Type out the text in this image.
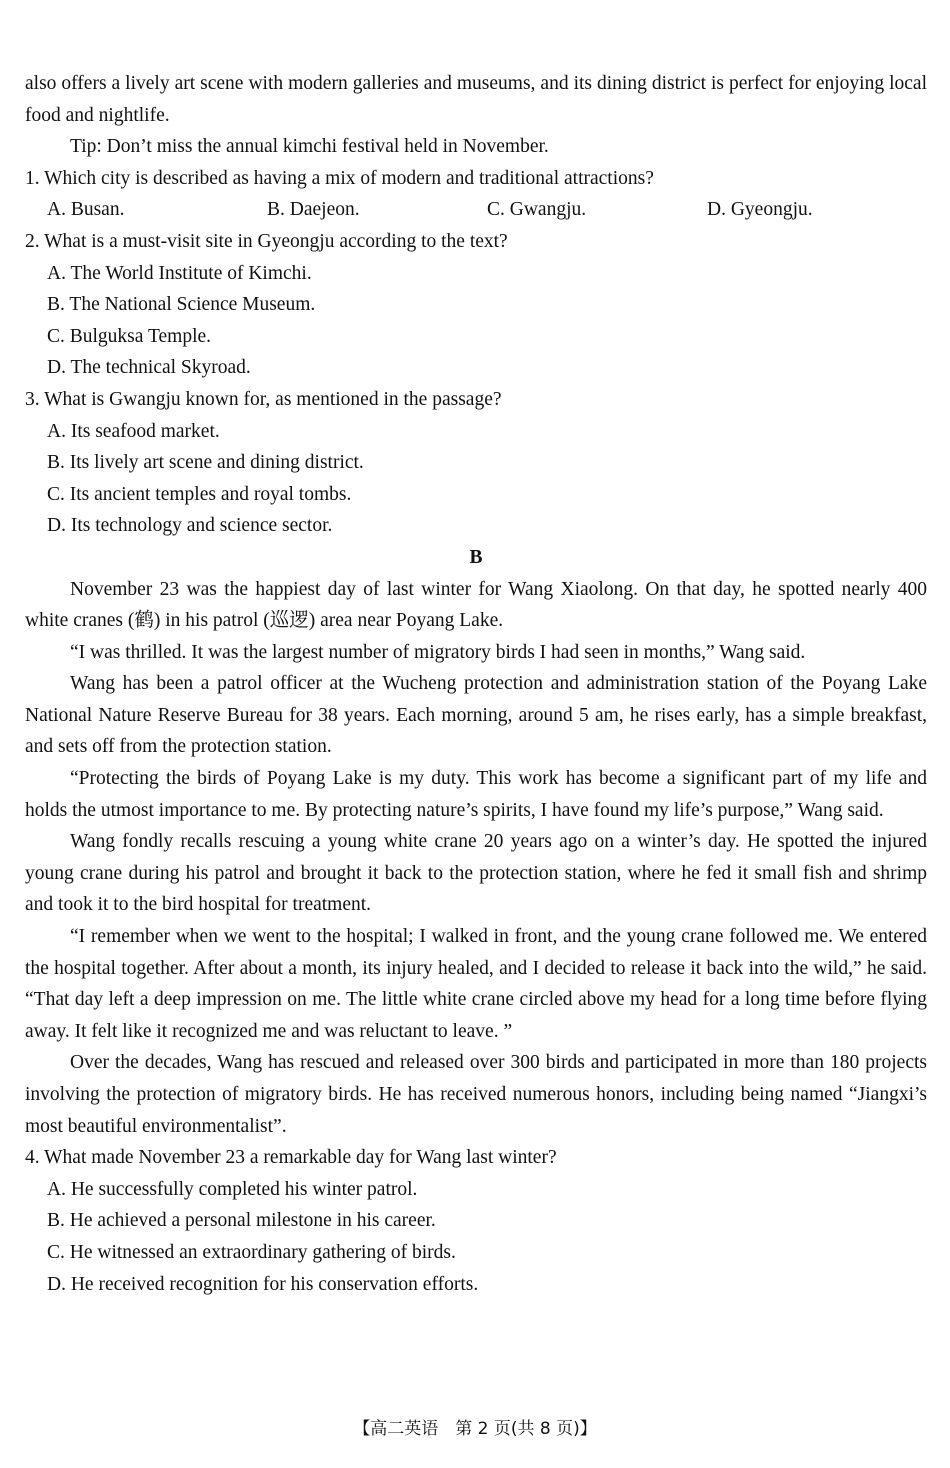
also offers a lively art scene with modern galleries and museums, and its dining district is perfect for enjoying local food and nightlife.

Tip: Don’t miss the annual kimchi festival held in November.

1. Which city is described as having a mix of modern and traditional attractions?

A. Busan.	B. Daejeon.	C. Gwangju.	D. Gyeongju.

2. What is a must-visit site in Gyeongju according to the text?

A. The World Institute of Kimchi.
B. The National Science Museum.
C. Bulguksa Temple.
D. The technical Skyroad.

3. What is Gwangju known for, as mentioned in the passage?

A. Its seafood market.
B. Its lively art scene and dining district.
C. Its ancient temples and royal tombs.
D. Its technology and science sector.
B

November 23 was the happiest day of last winter for Wang Xiaolong. On that day, he spotted nearly 400 white cranes (鹤) in his patrol (巡逻) area near Poyang Lake.

“I was thrilled. It was the largest number of migratory birds I had seen in months,” Wang said.

Wang has been a patrol officer at the Wucheng protection and administration station of the Poyang Lake National Nature Reserve Bureau for 38 years. Each morning, around 5 am, he rises early, has a simple breakfast, and sets off from the protection station.

“Protecting the birds of Poyang Lake is my duty. This work has become a significant part of my life and holds the utmost importance to me. By protecting nature’s spirits, I have found my life’s purpose,” Wang said.

Wang fondly recalls rescuing a young white crane 20 years ago on a winter’s day. He spotted the injured young crane during his patrol and brought it back to the protection station, where he fed it small fish and shrimp and took it to the bird hospital for treatment.

“I remember when we went to the hospital; I walked in front, and the young crane followed me. We entered the hospital together. After about a month, its injury healed, and I decided to release it back into the wild,” he said. “That day left a deep impression on me. The little white crane circled above my head for a long time before flying away. It felt like it recognized me and was reluctant to leave. ”

Over the decades, Wang has rescued and released over 300 birds and participated in more than 180 projects involving the protection of migratory birds. He has received numerous honors, including being named “Jiangxi’s most beautiful environmentalist”.

4. What made November 23 a remarkable day for Wang last winter?

A. He successfully completed his winter patrol.
B. He achieved a personal milestone in his career.
C. He witnessed an extraordinary gathering of birds.
D. He received recognition for his conservation efforts.
【高二英语　第 2 页(共 8 页)】
